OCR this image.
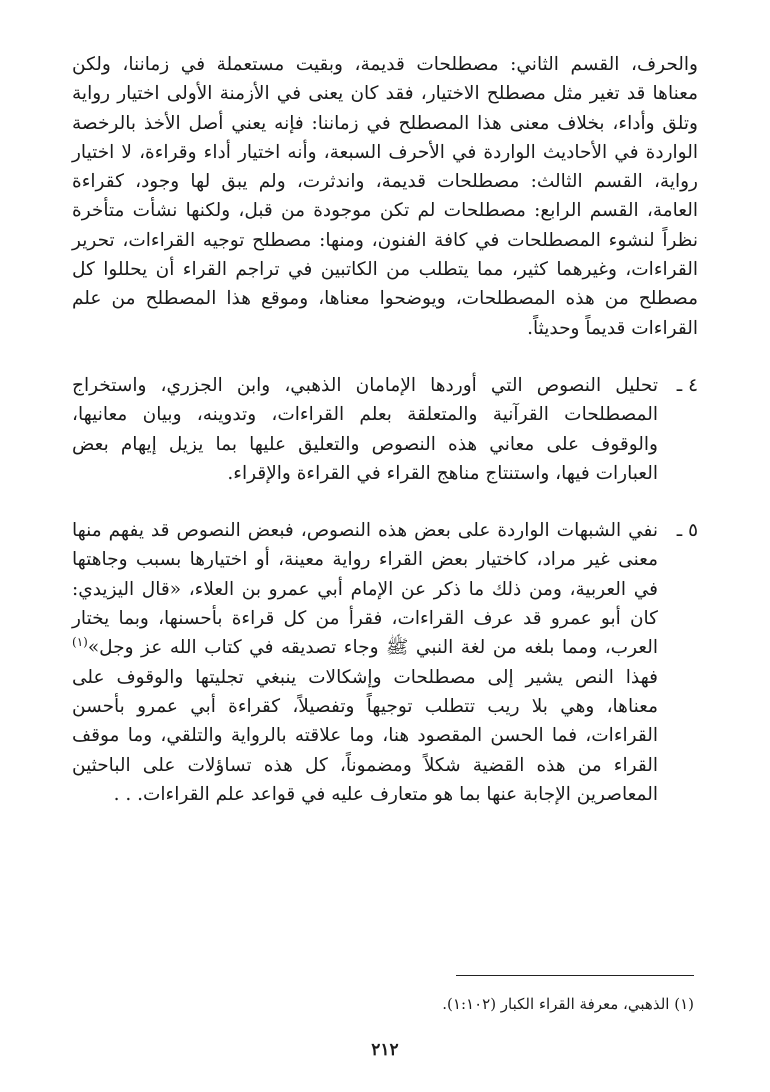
والحرف، القسم الثاني: مصطلحات قديمة، وبقيت مستعملة في زماننا، ولكن معناها قد تغير مثل مصطلح الاختيار، فقد كان يعنى في الأزمنة الأولى اختيار رواية وتلق وأداء، بخلاف معنى هذا المصطلح في زماننا: فإنه يعني أصل الأخذ بالرخصة الواردة في الأحاديث الواردة في الأحرف السبعة، وأنه اختيار أداء وقراءة، لا اختيار رواية، القسم الثالث: مصطلحات قديمة، واندثرت، ولم يبق لها وجود، كقراءة العامة، القسم الرابع: مصطلحات لم تكن موجودة من قبل، ولكنها نشأت متأخرة نظراً لنشوء المصطلحات في كافة الفنون، ومنها: مصطلح توجيه القراءات، تحرير القراءات، وغيرهما كثير، مما يتطلب من الكاتبين في تراجم القراء أن يحللوا كل مصطلح من هذه المصطلحات، ويوضحوا معناها، وموقع هذا المصطلح من علم القراءات قديماً وحديثاً.

٤ ـ

تحليل النصوص التي أوردها الإمامان الذهبي، وابن الجزري، واستخراج المصطلحات القرآنية والمتعلقة بعلم القراءات، وتدوينه، وبيان معانيها، والوقوف على معاني هذه النصوص والتعليق عليها بما يزيل إيهام بعض العبارات فيها، واستنتاج مناهج القراء في القراءة والإقراء.

٥ ـ

نفي الشبهات الواردة على بعض هذه النصوص، فبعض النصوص قد يفهم منها معنى غير مراد، كاختيار بعض القراء رواية معينة، أو اختيارها بسبب وجاهتها في العربية، ومن ذلك ما ذكر عن الإمام أبي عمرو بن العلاء، «قال اليزيدي: كان أبو عمرو قد عرف القراءات، فقرأ من كل قراءة بأحسنها، وبما يختار العرب، ومما بلغه من لغة النبي ﷺ وجاء تصديقه في كتاب الله عز وجل»$^{(١)}$ فهذا النص يشير إلى مصطلحات وإشكالات ينبغي تجليتها والوقوف على معناها، وهي بلا ريب تتطلب توجيهاً وتفصيلاً، كقراءة أبي عمرو بأحسن القراءات، فما الحسن المقصود هنا، وما علاقته بالرواية والتلقي، وما موقف القراء من هذه القضية شكلاً ومضموناً، كل هذه تساؤلات على الباحثين المعاصرين الإجابة عنها بما هو متعارف عليه في قواعد علم القراءات. . .

(١) الذهبي، معرفة القراء الكبار (١:١٠٢).

٢١٢
